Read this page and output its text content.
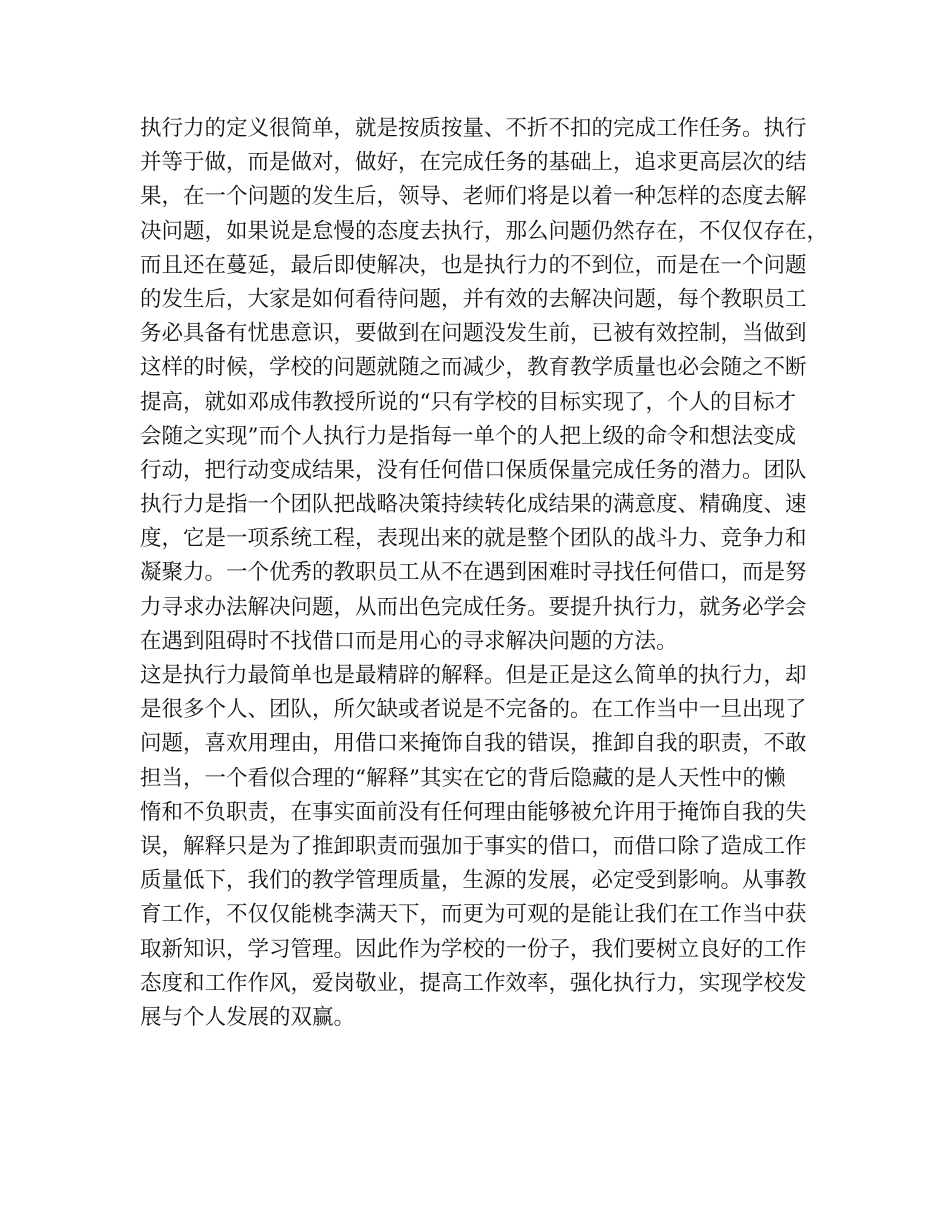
执行力的定义很简单，就是按质按量、不折不扣的完成工作任务。执行
并等于做，而是做对，做好，在完成任务的基础上，追求更高层次的结
果，在一个问题的发生后，领导、老师们将是以着一种怎样的态度去解
决问题，如果说是怠慢的态度去执行，那么问题仍然存在，不仅仅存在，
而且还在蔓延，最后即使解决，也是执行力的不到位，而是在一个问题
的发生后，大家是如何看待问题，并有效的去解决问题，每个教职员工
务必具备有忧患意识，要做到在问题没发生前，已被有效控制，当做到
这样的时候，学校的问题就随之而减少，教育教学质量也必会随之不断
提高，就如邓成伟教授所说的“只有学校的目标实现了，个人的目标才
会随之实现”而个人执行力是指每一单个的人把上级的命令和想法变成
行动，把行动变成结果，没有任何借口保质保量完成任务的潜力。团队
执行力是指一个团队把战略决策持续转化成结果的满意度、精确度、速
度，它是一项系统工程，表现出来的就是整个团队的战斗力、竞争力和
凝聚力。一个优秀的教职员工从不在遇到困难时寻找任何借口，而是努
力寻求办法解决问题，从而出色完成任务。要提升执行力，就务必学会
在遇到阻碍时不找借口而是用心的寻求解决问题的方法。
这是执行力最简单也是最精辟的解释。但是正是这么简单的执行力，却
是很多个人、团队，所欠缺或者说是不完备的。在工作当中一旦出现了
问题，喜欢用理由，用借口来掩饰自我的错误，推卸自我的职责，不敢
担当，一个看似合理的“解释”其实在它的背后隐藏的是人天性中的懒
惰和不负职责，在事实面前没有任何理由能够被允许用于掩饰自我的失
误，解释只是为了推卸职责而强加于事实的借口，而借口除了造成工作
质量低下，我们的教学管理质量，生源的发展，必定受到影响。从事教
育工作，不仅仅能桃李满天下，而更为可观的是能让我们在工作当中获
取新知识，学习管理。因此作为学校的一份子，我们要树立良好的工作
态度和工作作风，爱岗敬业，提高工作效率，强化执行力，实现学校发
展与个人发展的双赢。
